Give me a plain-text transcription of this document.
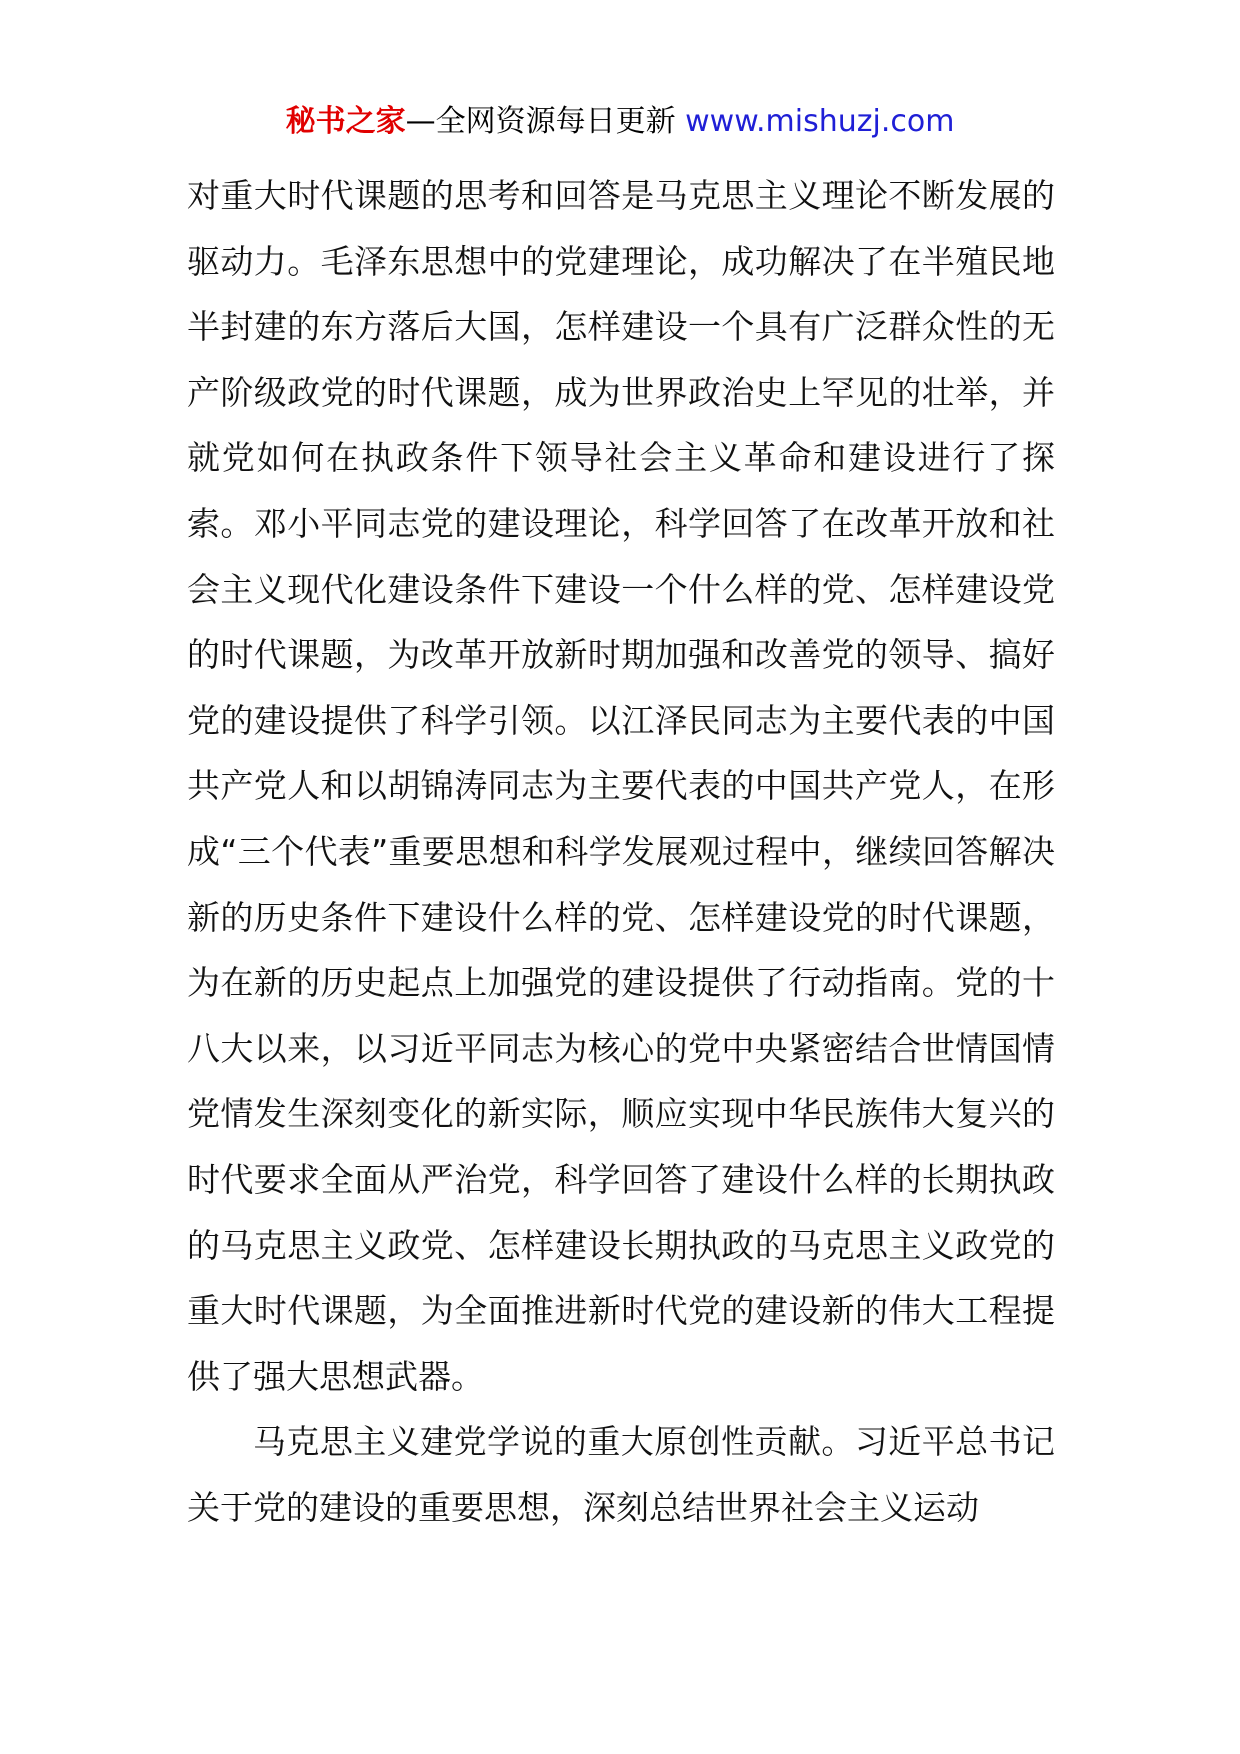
秘书之家—全网资源每日更新 www.mishuzj.com

对重大时代课题的思考和回答是马克思主义理论不断发展的驱动力。毛泽东思想中的党建理论，成功解决了在半殖民地半封建的东方落后大国，怎样建设一个具有广泛群众性的无产阶级政党的时代课题，成为世界政治史上罕见的壮举，并就党如何在执政条件下领导社会主义革命和建设进行了探索。邓小平同志党的建设理论，科学回答了在改革开放和社会主义现代化建设条件下建设一个什么样的党、怎样建设党的时代课题，为改革开放新时期加强和改善党的领导、搞好党的建设提供了科学引领。以江泽民同志为主要代表的中国共产党人和以胡锦涛同志为主要代表的中国共产党人，在形成“三个代表”重要思想和科学发展观过程中，继续回答解决新的历史条件下建设什么样的党、怎样建设党的时代课题，为在新的历史起点上加强党的建设提供了行动指南。党的十八大以来，以习近平同志为核心的党中央紧密结合世情国情党情发生深刻变化的新实际，顺应实现中华民族伟大复兴的时代要求全面从严治党，科学回答了建设什么样的长期执政的马克思主义政党、怎样建设长期执政的马克思主义政党的重大时代课题，为全面推进新时代党的建设新的伟大工程提供了强大思想武器。

马克思主义建党学说的重大原创性贡献。习近平总书记关于党的建设的重要思想，深刻总结世界社会主义运动
